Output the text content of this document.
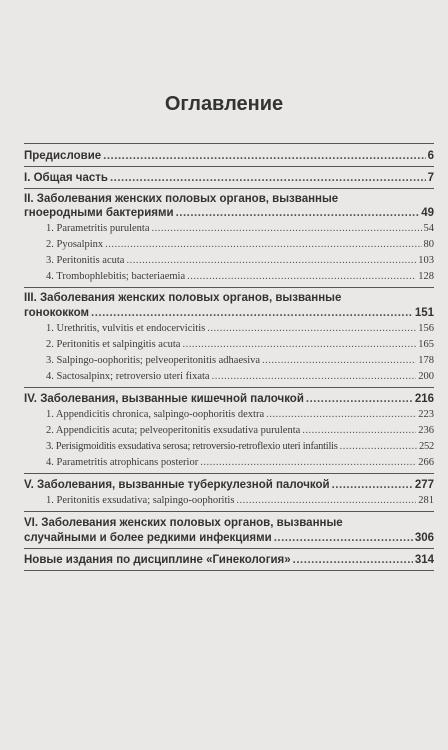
Оглавление
Предисловие .....	6
I. Общая часть .....	7
II. Заболевания женских половых органов, вызванные
гноеродными бактериями .....	49
1. Parametritis purulenta .....	54
2. Pyosalpinx .....	80
3. Peritonitis acuta .....	103
4. Tromboрhlebitis; bacteriaemia .....	128
III. Заболевания женских половых органов, вызванные
гонококком .....	151
1. Urethritis, vulvitis et endocervicitis .....	156
2. Peritonitis et salpingitis acuta .....	165
3. Salpingo-oophoritis; pelveoperitonitis adhaesiva .....	178
4. Sactosalpinx; retroversio uteri fixata .....	200
IV. Заболевания, вызванные кишечной палочкой .....	216
1. Appendicitis chronica, salpingo-oophoritis dextra .....	223
2. Appendicitis acuta; pelveoperitonitis exsudativa purulenta .....	236
3. Perisigmoiditis exsudativa serosa; retroversio-retroflexio uteri infantilis .....	252
4. Parametritis atrophicans posterior .....	266
V. Заболевания, вызванные туберкулезной палочкой .....	277
1. Peritonitis exsudativa; salpingo-oophoritis .....	281
VI. Заболевания женских половых органов, вызванные
случайными и более редкими инфекциями .....	306
Новые издания по дисциплине «Гинекология» .....	314
